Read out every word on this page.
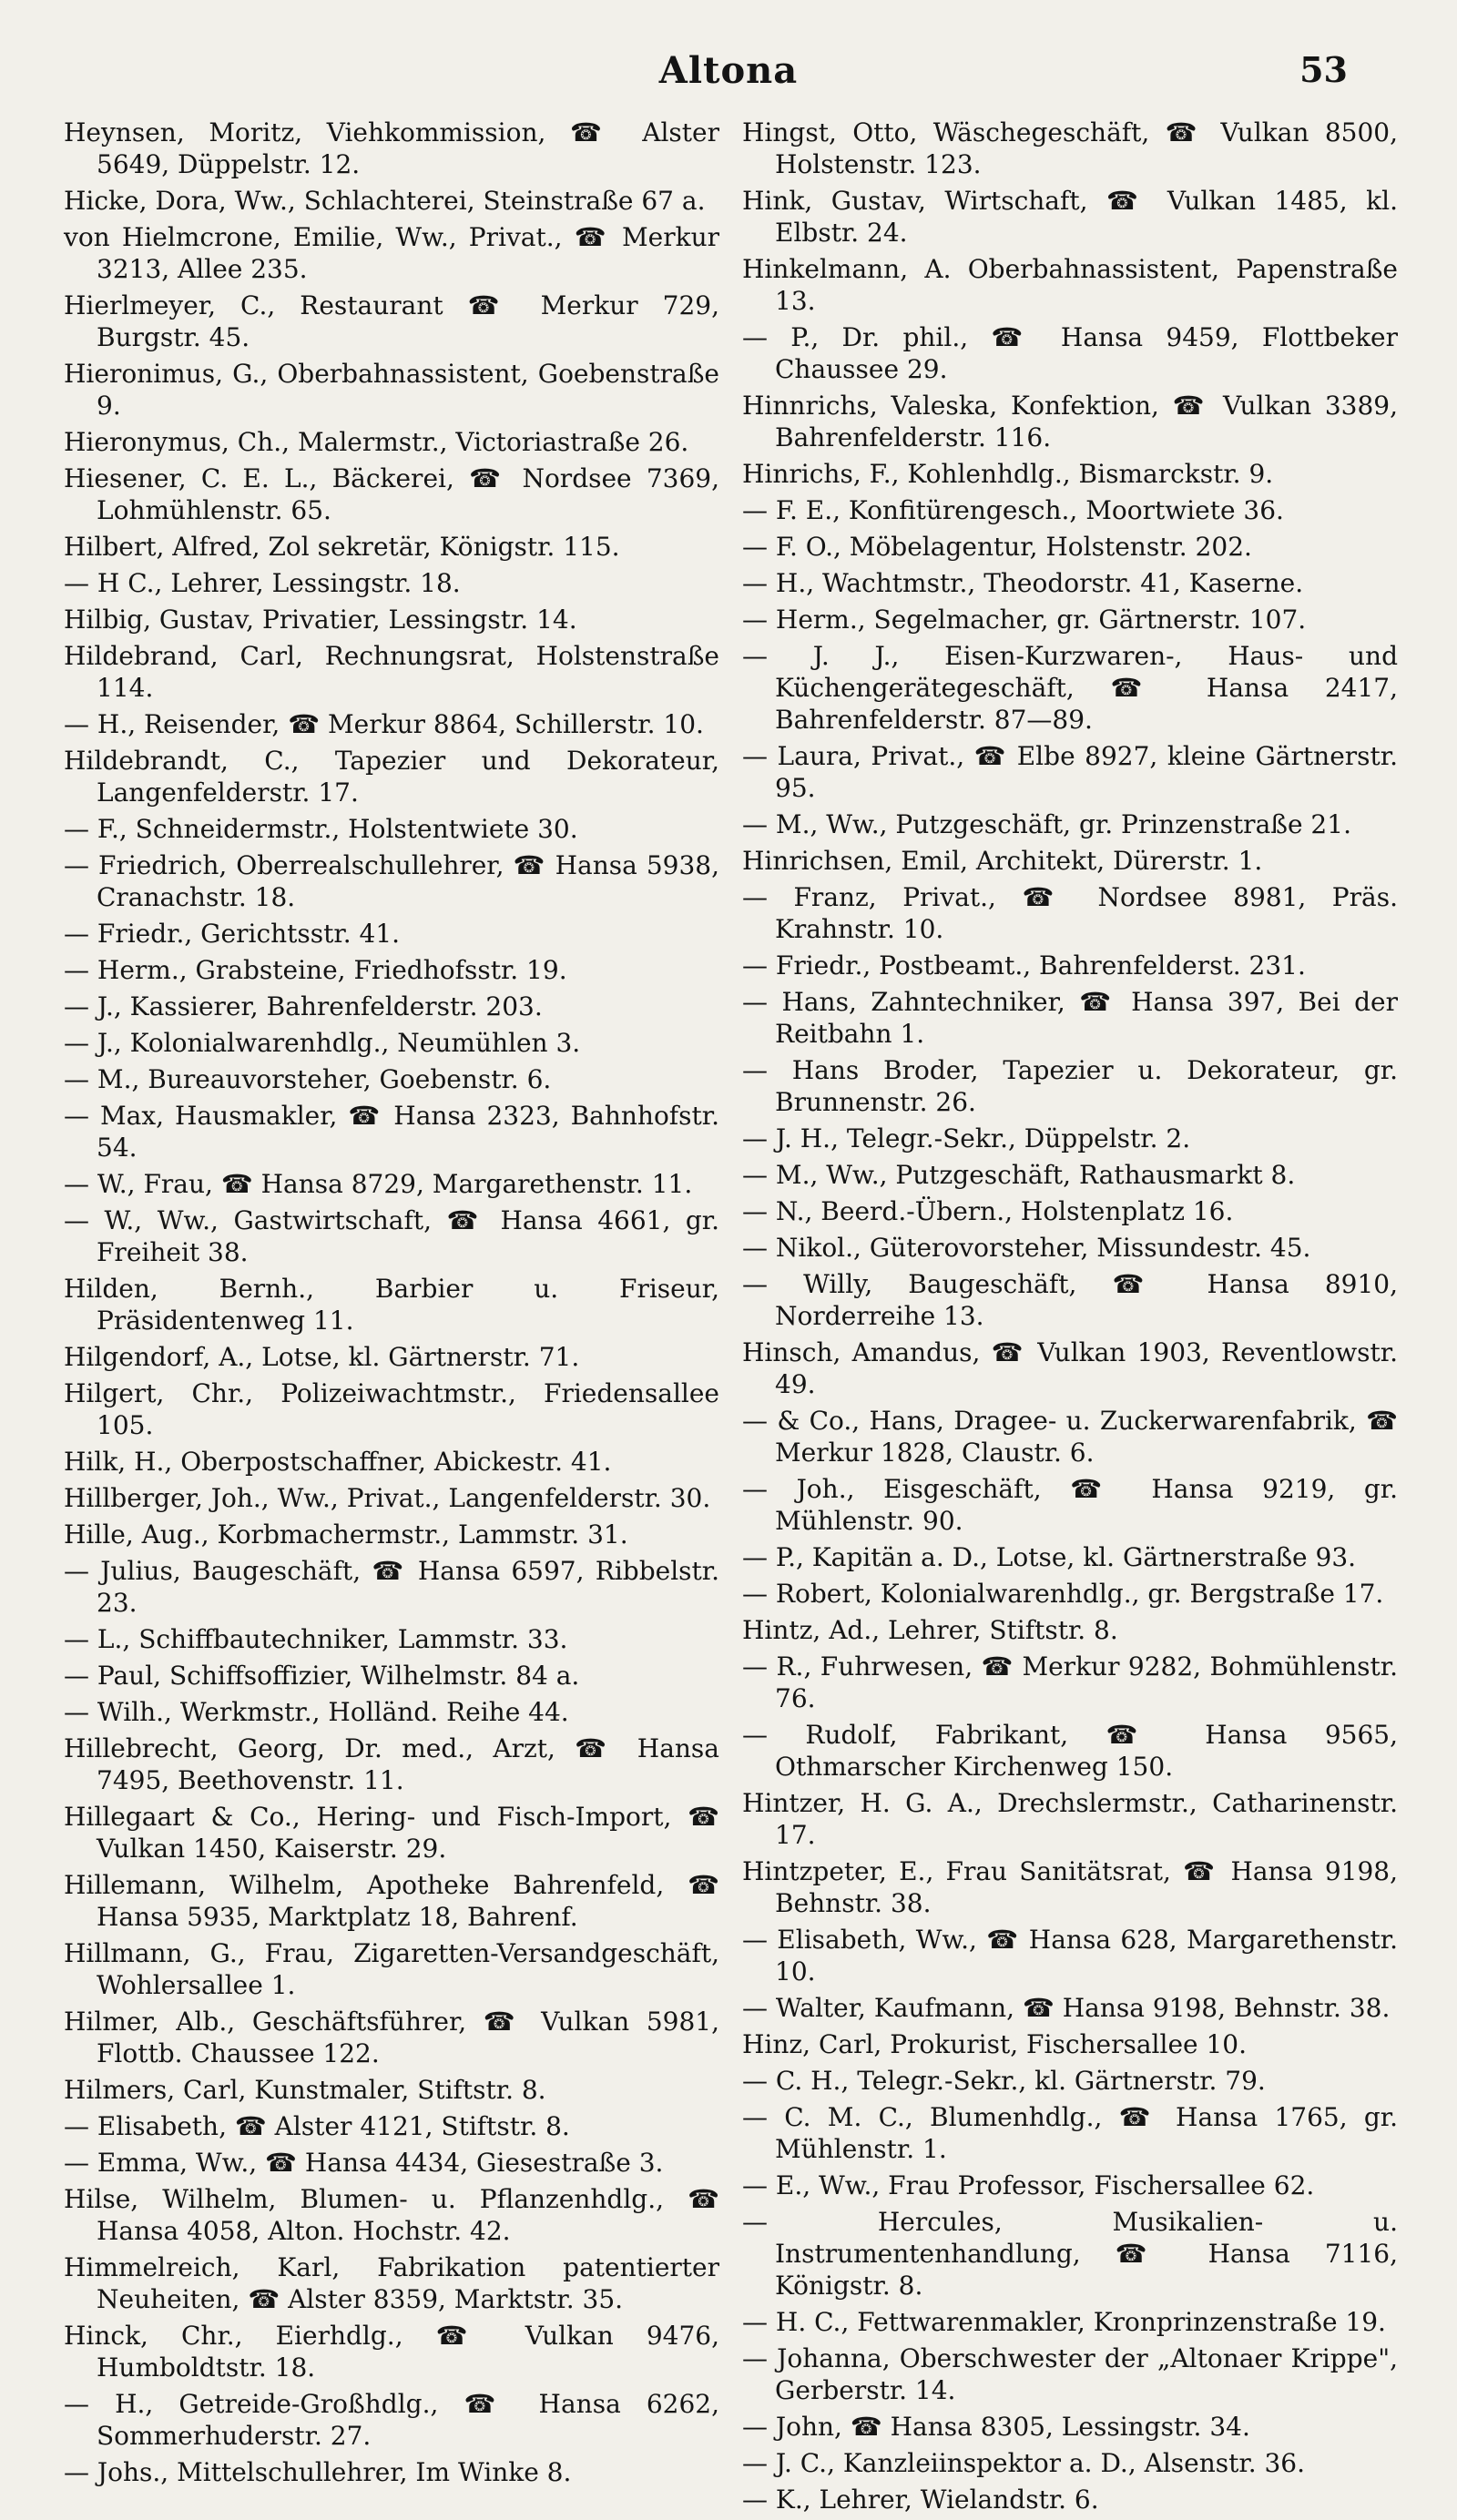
Altona	53

Heynsen, Moritz, Viehkommission, ☎ Alster 5649, Düppelstr. 12.

Hicke, Dora, Ww., Schlachterei, Steinstraße 67 a.

von Hielmcrone, Emilie, Ww., Privat., ☎ Merkur 3213, Allee 235.

Hierlmeyer, C., Restaurant ☎ Merkur 729, Burgstr. 45.

Hieronimus, G., Oberbahnassistent, Goebenstraße 9.

Hieronymus, Ch., Malermstr., Victoriastraße 26.

Hiesener, C. E. L., Bäckerei, ☎ Nordsee 7369, Lohmühlenstr. 65.

Hilbert, Alfred, Zol sekretär, Königstr. 115.

— H C., Lehrer, Lessingstr. 18.

Hilbig, Gustav, Privatier, Lessingstr. 14.

Hildebrand, Carl, Rechnungsrat, Holstenstraße 114.

— H., Reisender, ☎ Merkur 8864, Schillerstr. 10.

Hildebrandt, C., Tapezier und Dekorateur, Langenfelderstr. 17.

— F., Schneidermstr., Holstentwiete 30.

— Friedrich, Oberrealschullehrer, ☎ Hansa 5938, Cranachstr. 18.

— Friedr., Gerichtsstr. 41.

— Herm., Grabsteine, Friedhofsstr. 19.

— J., Kassierer, Bahrenfelderstr. 203.

— J., Kolonialwarenhdlg., Neumühlen 3.

— M., Bureauvorsteher, Goebenstr. 6.

— Max, Hausmakler, ☎ Hansa 2323, Bahnhofstr. 54.

— W., Frau, ☎ Hansa 8729, Margarethenstr. 11.

— W., Ww., Gastwirtschaft, ☎ Hansa 4661, gr. Freiheit 38.

Hilden, Bernh., Barbier u. Friseur, Präsidentenweg 11.

Hilgendorf, A., Lotse, kl. Gärtnerstr. 71.

Hilgert, Chr., Polizeiwachtmstr., Friedensallee 105.

Hilk, H., Oberpostschaffner, Abickestr. 41.

Hillberger, Joh., Ww., Privat., Langenfelderstr. 30.

Hille, Aug., Korbmachermstr., Lammstr. 31.

— Julius, Baugeschäft, ☎ Hansa 6597, Ribbelstr. 23.

— L., Schiffbautechniker, Lammstr. 33.

— Paul, Schiffsoffizier, Wilhelmstr. 84 a.

— Wilh., Werkmstr., Holländ. Reihe 44.

Hillebrecht, Georg, Dr. med., Arzt, ☎ Hansa 7495, Beethovenstr. 11.

Hillegaart & Co., Hering- und Fisch-Import, ☎ Vulkan 1450, Kaiserstr. 29.

Hillemann, Wilhelm, Apotheke Bahrenfeld, ☎ Hansa 5935, Marktplatz 18, Bahrenf.

Hillmann, G., Frau, Zigaretten-Versandgeschäft, Wohlersallee 1.

Hilmer, Alb., Geschäftsführer, ☎ Vulkan 5981, Flottb. Chaussee 122.

Hilmers, Carl, Kunstmaler, Stiftstr. 8.

— Elisabeth, ☎ Alster 4121, Stiftstr. 8.

— Emma, Ww., ☎ Hansa 4434, Giesestraße 3.

Hilse, Wilhelm, Blumen- u. Pflanzenhdlg., ☎ Hansa 4058, Alton. Hochstr. 42.

Himmelreich, Karl, Fabrikation patentierter Neuheiten, ☎ Alster 8359, Marktstr. 35.

Hinck, Chr., Eierhdlg., ☎ Vulkan 9476, Humboldtstr. 18.

— H., Getreide-Großhdlg., ☎ Hansa 6262, Sommerhuderstr. 27.

— Johs., Mittelschullehrer, Im Winke 8.

Hingst, Otto, Wäschegeschäft, ☎ Vulkan 8500, Holstenstr. 123.

Hink, Gustav, Wirtschaft, ☎ Vulkan 1485, kl. Elbstr. 24.

Hinkelmann, A. Oberbahnassistent, Papenstraße 13.

— P., Dr. phil., ☎ Hansa 9459, Flottbeker Chaussee 29.

Hinnrichs, Valeska, Konfektion, ☎ Vulkan 3389, Bahrenfelderstr. 116.

Hinrichs, F., Kohlenhdlg., Bismarckstr. 9.

— F. E., Konfitürengesch., Moortwiete 36.

— F. O., Möbelagentur, Holstenstr. 202.

— H., Wachtmstr., Theodorstr. 41, Kaserne.

— Herm., Segelmacher, gr. Gärtnerstr. 107.

— J. J., Eisen-Kurzwaren-, Haus- und Küchengerätegeschäft, ☎ Hansa 2417, Bahrenfelderstr. 87—89.

— Laura, Privat., ☎ Elbe 8927, kleine Gärtnerstr. 95.

— M., Ww., Putzgeschäft, gr. Prinzenstraße 21.

Hinrichsen, Emil, Architekt, Dürerstr. 1.

— Franz, Privat., ☎ Nordsee 8981, Präs. Krahnstr. 10.

— Friedr., Postbeamt., Bahrenfelderst. 231.

— Hans, Zahntechniker, ☎ Hansa 397, Bei der Reitbahn 1.

— Hans Broder, Tapezier u. Dekorateur, gr. Brunnenstr. 26.

— J. H., Telegr.-Sekr., Düppelstr. 2.

— M., Ww., Putzgeschäft, Rathausmarkt 8.

— N., Beerd.-Übern., Holstenplatz 16.

— Nikol., Güterovorsteher, Missundestr. 45.

— Willy, Baugeschäft, ☎ Hansa 8910, Norderreihe 13.

Hinsch, Amandus, ☎ Vulkan 1903, Reventlowstr. 49.

— & Co., Hans, Dragee- u. Zuckerwarenfabrik, ☎ Merkur 1828, Claustr. 6.

— Joh., Eisgeschäft, ☎ Hansa 9219, gr. Mühlenstr. 90.

— P., Kapitän a. D., Lotse, kl. Gärtnerstraße 93.

— Robert, Kolonialwarenhdlg., gr. Bergstraße 17.

Hintz, Ad., Lehrer, Stiftstr. 8.

— R., Fuhrwesen, ☎ Merkur 9282, Bohmühlenstr. 76.

— Rudolf, Fabrikant, ☎ Hansa 9565, Othmarscher Kirchenweg 150.

Hintzer, H. G. A., Drechslermstr., Catharinenstr. 17.

Hintzpeter, E., Frau Sanitätsrat, ☎ Hansa 9198, Behnstr. 38.

— Elisabeth, Ww., ☎ Hansa 628, Margarethenstr. 10.

— Walter, Kaufmann, ☎ Hansa 9198, Behnstr. 38.

Hinz, Carl, Prokurist, Fischersallee 10.

— C. H., Telegr.-Sekr., kl. Gärtnerstr. 79.

— C. M. C., Blumenhdlg., ☎ Hansa 1765, gr. Mühlenstr. 1.

— E., Ww., Frau Professor, Fischersallee 62.

— Hercules, Musikalien- u. Instrumentenhandlung, ☎ Hansa 7116, Königstr. 8.

— H. C., Fettwarenmakler, Kronprinzenstraße 19.

— Johanna, Oberschwester der „Altonaer Krippe", Gerberstr. 14.

— John, ☎ Hansa 8305, Lessingstr. 34.

— J. C., Kanzleiinspektor a. D., Alsenstr. 36.

— K., Lehrer, Wielandstr. 6.
